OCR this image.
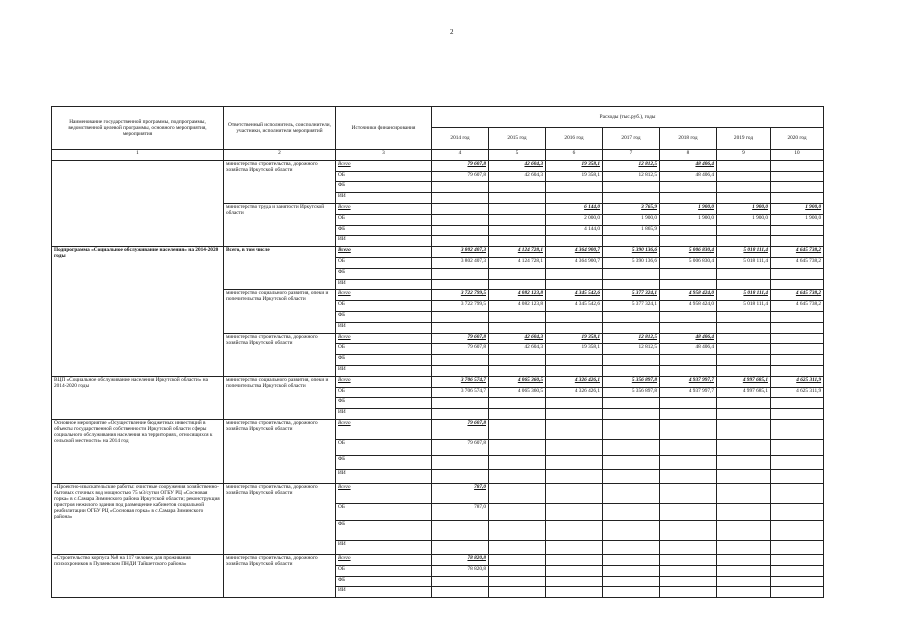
2
Наименование государственной программы, подпрограммы, ведомственной целевой программы, основного мероприятия, мероприятия	Ответственный исполнитель, соисполнители, участники, исполнители мероприятий	Источники финансирования	Расходы (тыс.руб.), годы						
			2014 год	2015 год	2016 год	2017 год	2018 год	2019 год	2020 год
1	2	3	4	5	6	7	8	9	10
	министерство строительства, дорожного хозяйства Иркутской области	Всего	79 607,8	42 604,3	19 358,1	12 812,5	48 406,4		
		ОБ	79 607,8	42 604,3	19 358,1	12 812,5	48 406,4		
		ФБ							
		ИИ							
	министерство труда и занятости Иркутской области	Всего			6 144,0	3 765,9	1 900,0	1 900,0	1 900,0
		ОБ			2 000,0	1 900,0	1 900,0	1 900,0	1 900,0
		ФБ			4 144,0	1 865,9			
		ИИ							
Подпрограмма «Социальное обслуживание населения» на 2014-2020 годы	Всего, в том числе	Всего	3 802 407,3	4 124 728,1	4 364 900,7	5 390 136,6	5 006 830,4	5 018 111,4	4 645 738,2
		ОБ	3 802 407,3	4 124 728,1	4 364 900,7	5 390 136,6	5 006 830,4	5 018 111,4	4 645 738,2
		ФБ							
		ИИ							
	министерство социального развития, опеки и попечительства Иркутской области	Всего	3 722 799,5	4 082 123,8	4 345 542,6	5 377 324,1	4 958 424,0	5 018 111,4	4 645 738,2
		ОБ	3 722 799,5	4 082 123,8	4 345 542,6	5 377 324,1	4 958 424,0	5 018 111,4	4 645 738,2
		ФБ							
		ИИ							
	министерство строительства, дорожного хозяйства Иркутской области	Всего	79 607,8	42 604,3	19 358,1	12 812,5	48 406,4		
		ОБ	79 607,8	42 604,3	19 358,1	12 812,5	48 406,4		
		ФБ							
		ИИ							
ВЦП «Социальное обслуживание населения Иркутской области» на 2014-2020 годы	министерство социального развития, опеки и попечительства Иркутской области	Всего	3 706 574,7	4 065 360,5	4 326 426,1	5 356 897,8	4 937 997,7	4 997 685,1	4 625 311,9
		ОБ	3 706 574,7	4 065 360,5	4 326 426,1	5 356 897,8	4 937 997,7	4 997 685,1	4 625 311,9
		ФБ							
		ИИ							
Основное мероприятие «Осуществление бюджетных инвестиций в объекты государственной собственности Иркутской области сферы социального обслуживания населения на территориях, относящихся к сельской местности» на 2014 год	министерство строительства, дорожного хозяйства Иркутской области	Всего	79 607,8						
		ОБ	79 607,8						
		ФБ							
		ИИ							
«Проектно-изыскательские работы: очистные сооружения хозяйственно-бытовых сточных вод мощностью 75 м3/сутки ОГБУ РЦ «Сосновая горка» в с.Самара Зиминского района Иркутской области; реконструкция пристроя нежилого здания под размещение кабинетов социальной реабилитации ОГБУ РЦ «Сосновая горка» в с.Самара Зиминского района»	министерство строительства, дорожного хозяйства Иркутской области	Всего	787,0						
		ОБ	787,0						
		ФБ							
		ИИ							
«Строительство корпуса №8 на 117 человек для проживания психохроников в Пуляевском ПНДИ Тайшетского района»	министерство строительства, дорожного хозяйства Иркутской области	Всего	78 820,8						
		ОБ	78 820,8						
		ФБ							
		ИИ							
